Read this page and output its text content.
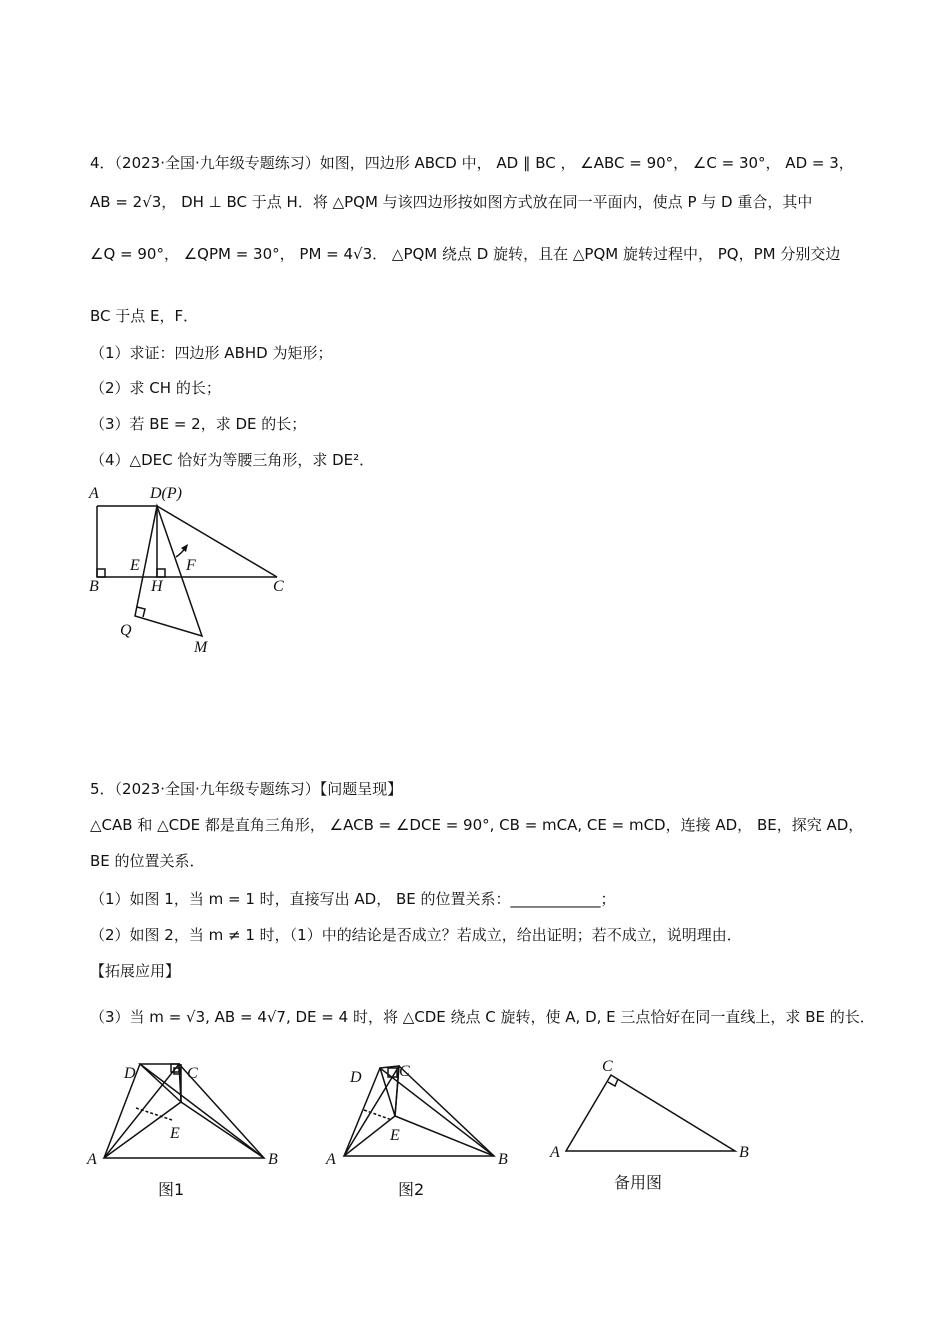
4．（2023·全国·九年级专题练习）如图，四边形 ABCD 中， AD ∥ BC ， ∠ABC = 90°， ∠C = 30°， AD = 3，
AB = 2√3， DH ⊥ BC 于点 H．将 △PQM 与该四边形按如图方式放在同一平面内，使点 P 与 D 重合，其中
∠Q = 90°， ∠QPM = 30°， PM = 4√3． △PQM 绕点 D 旋转，且在 △PQM 旋转过程中， PQ，PM 分别交边
BC 于点 E，F．
（1）求证：四边形 ABHD 为矩形；
（2）求 CH 的长；
（3）若 BE = 2，求 DE 的长；
（4）△DEC 恰好为等腰三角形，求 DE²．
A	D(P)
B
E
H
F
C
Q
M
5．（2023·全国·九年级专题练习）【问题呈现】
△CAB 和 △CDE 都是直角三角形， ∠ACB = ∠DCE = 90°, CB = mCA, CE = mCD，连接 AD， BE，探究 AD，
BE 的位置关系．
（1）如图 1，当 m = 1 时，直接写出 AD， BE 的位置关系：____________；
（2）如图 2，当 m ≠ 1 时，（1）中的结论是否成立？若成立，给出证明；若不成立，说明理由．
【拓展应用】
（3）当 m = √3, AB = 4√7, DE = 4 时，将 △CDE 绕点 C 旋转，使 A, D, E 三点恰好在同一直线上，求 BE 的长．
D	C
E
A	B
图1
D C
E
A	B
图2
C
A	B
备用图
